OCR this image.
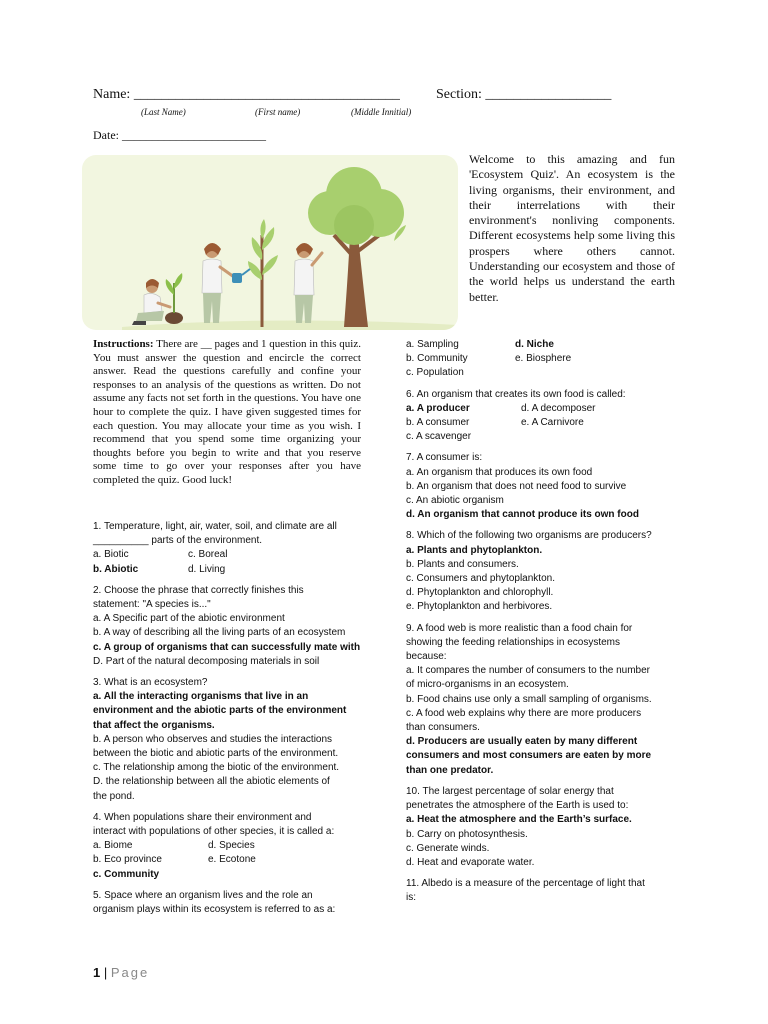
Name: ______________________________________	Section: __________________
(Last Name)	(First name)	(Middle Innitial)
Date: ________________________
Welcome to this amazing and fun 'Ecosystem Quiz'. An ecosystem is the living organisms, their environment, and their interrelations with their environment's nonliving components. Different ecosystems help some living this prospers where others cannot. Understanding our ecosystem and those of the world helps us understand the earth better.
Instructions: There are __ pages and 1 question in this quiz. You must answer the question and encircle the correct answer. Read the questions carefully and confine your responses to an analysis of the questions as written. Do not assume any facts not set forth in the questions. You have one hour to complete the quiz. I have given suggested times for each question. You may allocate your time as you wish. I recommend that you spend some time organizing your thoughts before you begin to write and that you reserve some time to go over your responses after you have completed the quiz. Good luck!

1. Temperature, light, air, water, soil, and climate are all

__________ parts of the environment.

a. Biotic	c. Boreal
b. Abiotic	d. Living

2. Choose the phrase that correctly finishes this

statement: "A species is..."

a. A Specific part of the abiotic environment

b. A way of describing all the living parts of an ecosystem

c. A group of organisms that can successfully mate with

D. Part of the natural decomposing materials in soil

3. What is an ecosystem?

a. All the interacting organisms that live in an

environment and the abiotic parts of the environment

that affect the organisms.

b. A person who observes and studies the interactions

between the biotic and abiotic parts of the environment.

c. The relationship among the biotic of the environment.

D. the relationship between all the abiotic elements of

the pond.

4. When populations share their environment and

interact with populations of other species, it is called a:

a. Biome	d. Species
b. Eco province	e. Ecotone

c. Community

5. Space where an organism lives and the role an

organism plays within its ecosystem is referred to as a:

a. Sampling	d. Niche
b. Community	e. Biosphere

c. Population

6. An organism that creates its own food is called:

a. A producer	d. A decomposer
b. A consumer	e. A Carnivore

c. A scavenger

7. A consumer is:

a. An organism that produces its own food

b. An organism that does not need food to survive

c. An abiotic organism

d. An organism that cannot produce its own food

8. Which of the following two organisms are producers?

a. Plants and phytoplankton.

b. Plants and consumers.

c. Consumers and phytoplankton.

d. Phytoplankton and chlorophyll.

e. Phytoplankton and herbivores.

9. A food web is more realistic than a food chain for

showing the feeding relationships in ecosystems

because:

a. It compares the number of consumers to the number

of micro-organisms in an ecosystem.

b. Food chains use only a small sampling of organisms.

c. A food web explains why there are more producers

than consumers.

d. Producers are usually eaten by many different

consumers and most consumers are eaten by more

than one predator.

10. The largest percentage of solar energy that

penetrates the atmosphere of the Earth is used to:

a. Heat the atmosphere and the Earth’s surface.

b. Carry on photosynthesis.

c. Generate winds.

d. Heat and evaporate water.

11. Albedo is a measure of the percentage of light that

is:

1 | Page
